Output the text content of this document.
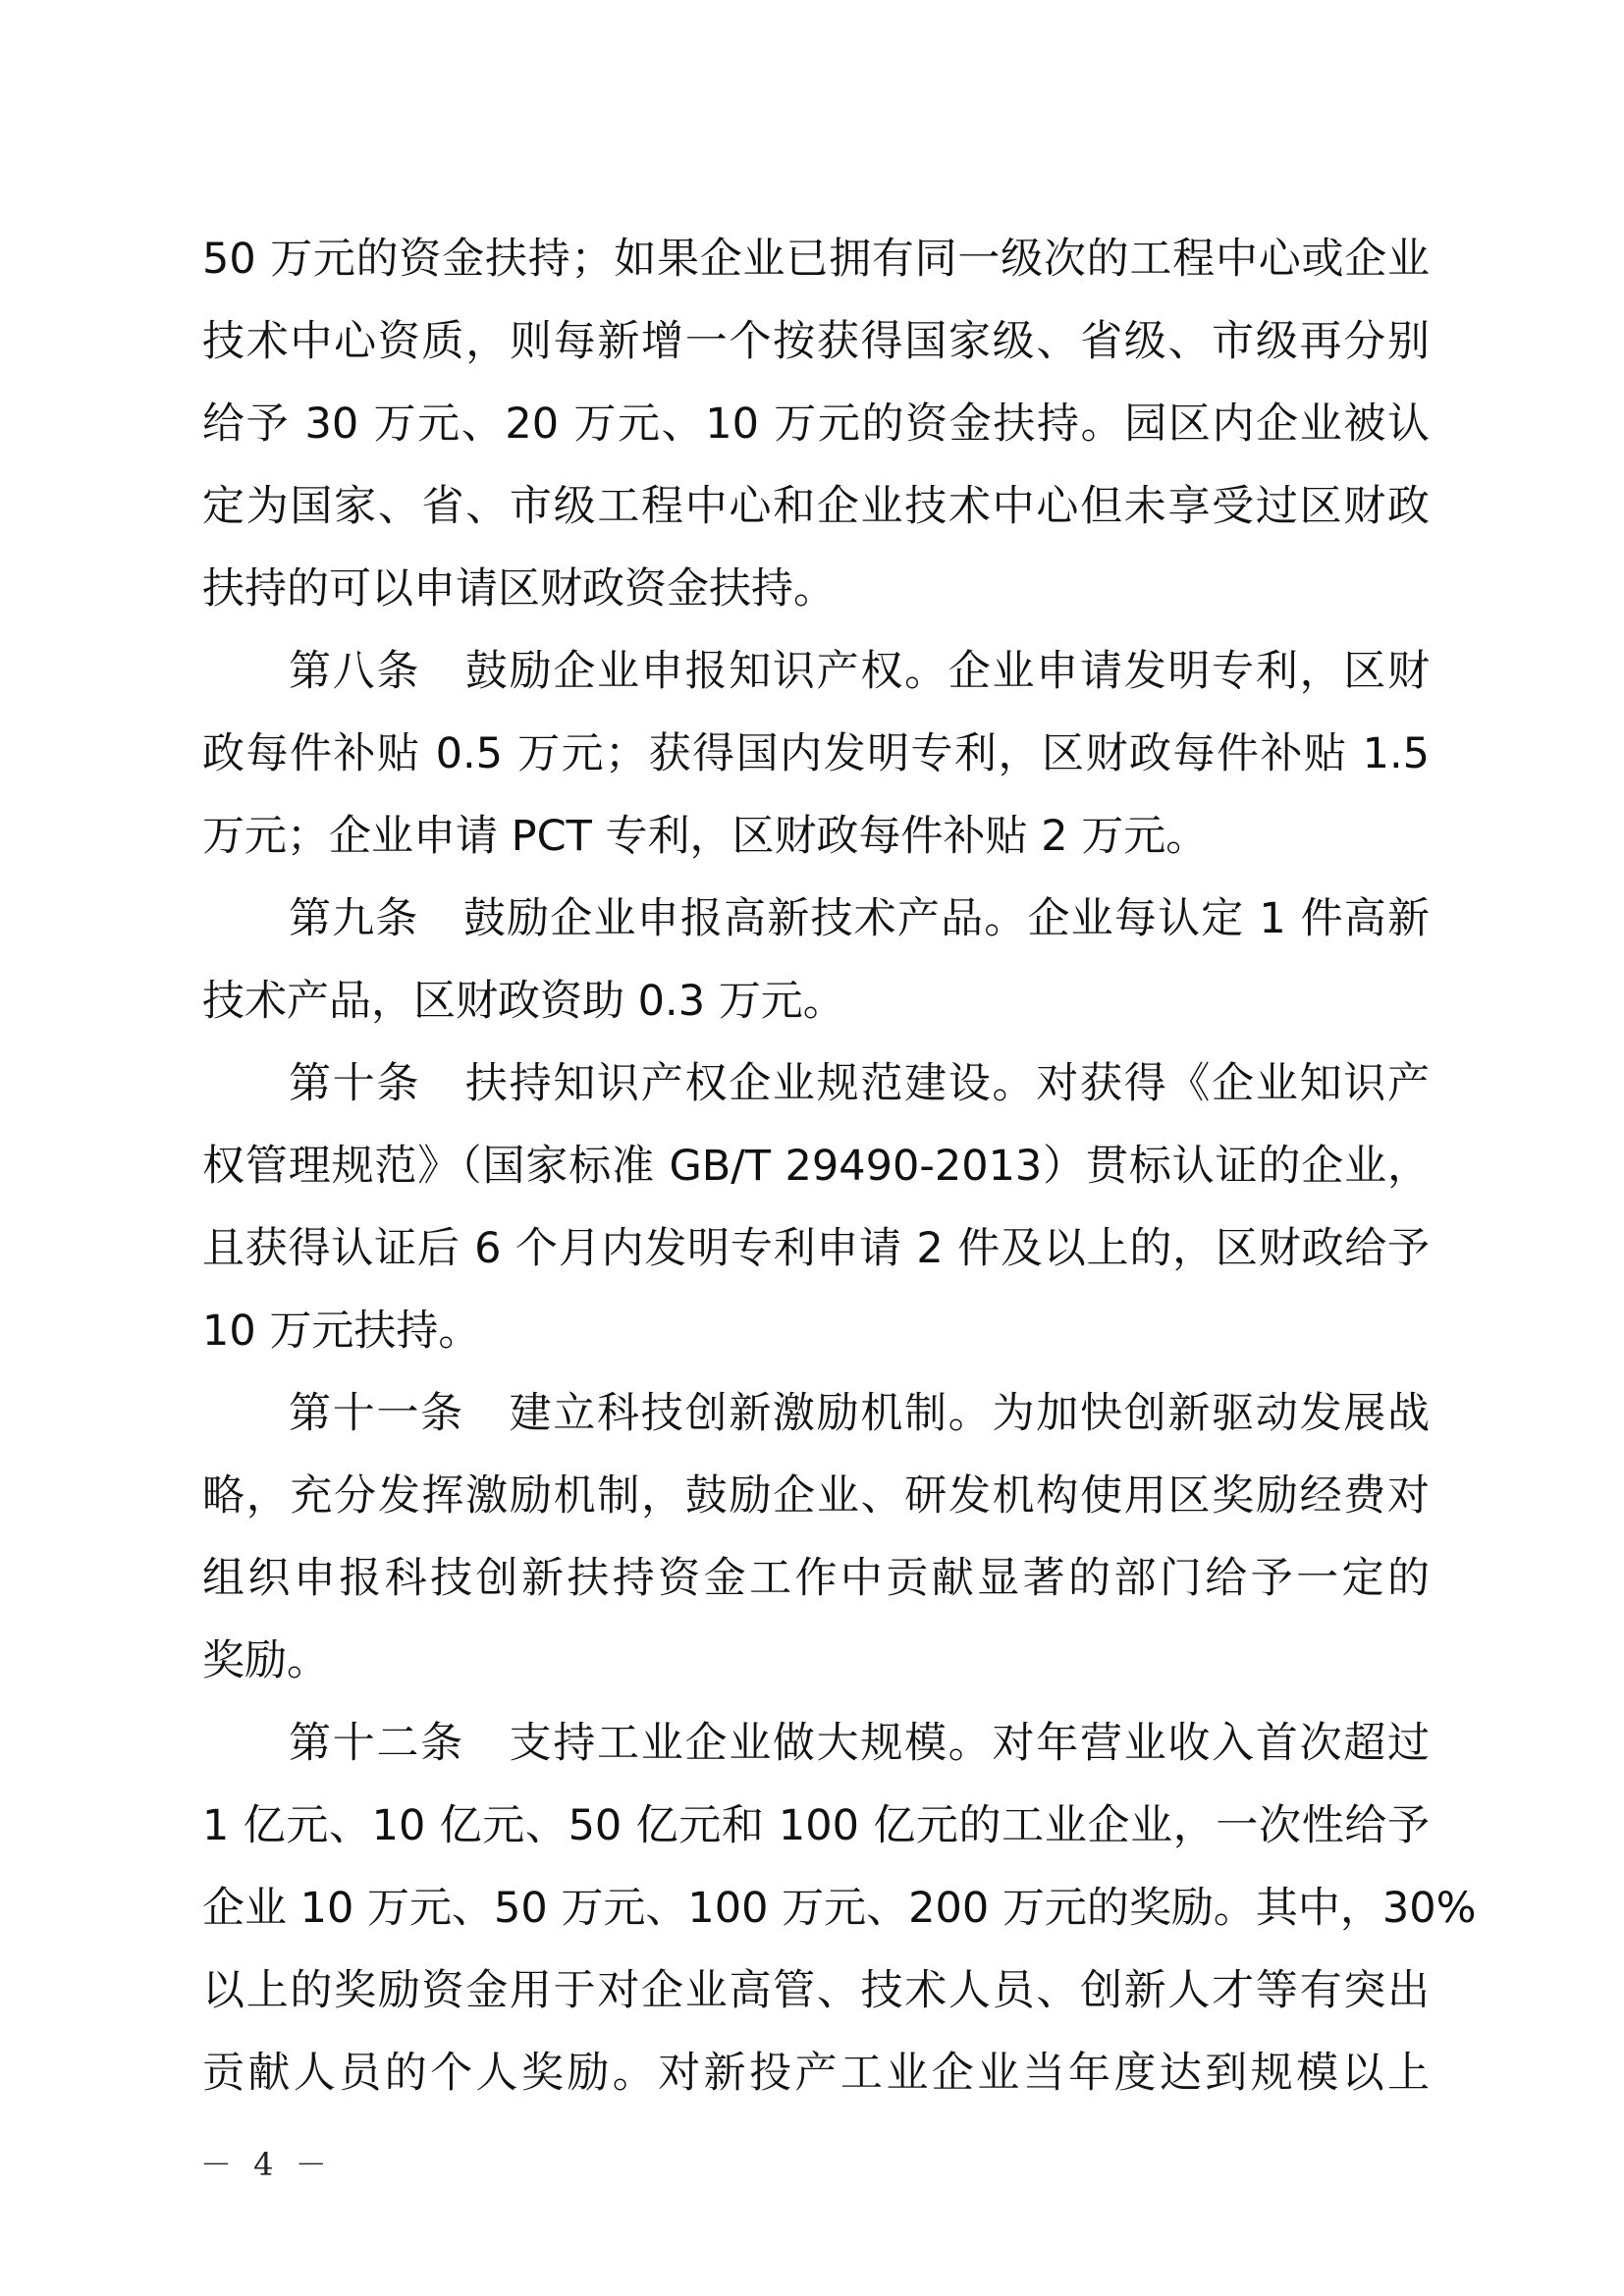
50 万元的资金扶持；如果企业已拥有同一级次的工程中心或企业
技术中心资质，则每新增一个按获得国家级、省级、市级再分别
给予 30 万元、20 万元、10 万元的资金扶持。园区内企业被认
定为国家、省、市级工程中心和企业技术中心但未享受过区财政
扶持的可以申请区财政资金扶持。
第八条 鼓励企业申报知识产权。企业申请发明专利，区财
政每件补贴 0.5 万元；获得国内发明专利，区财政每件补贴 1.5
万元；企业申请 PCT 专利，区财政每件补贴 2 万元。
第九条 鼓励企业申报高新技术产品。企业每认定 1 件高新
技术产品，区财政资助 0.3 万元。
第十条 扶持知识产权企业规范建设。对获得《企业知识产
权管理规范》（国家标准 GB/T 29490-2013）贯标认证的企业，
且获得认证后 6 个月内发明专利申请 2 件及以上的，区财政给予
10 万元扶持。
第十一条 建立科技创新激励机制。为加快创新驱动发展战
略，充分发挥激励机制，鼓励企业、研发机构使用区奖励经费对
组织申报科技创新扶持资金工作中贡献显著的部门给予一定的
奖励。
第十二条 支持工业企业做大规模。对年营业收入首次超过
1 亿元、10 亿元、50 亿元和 100 亿元的工业企业，一次性给予
企业 10 万元、50 万元、100 万元、200 万元的奖励。其中，30%
以上的奖励资金用于对企业高管、技术人员、创新人才等有突出
贡献人员的个人奖励。对新投产工业企业当年度达到规模以上
－ 4 －
